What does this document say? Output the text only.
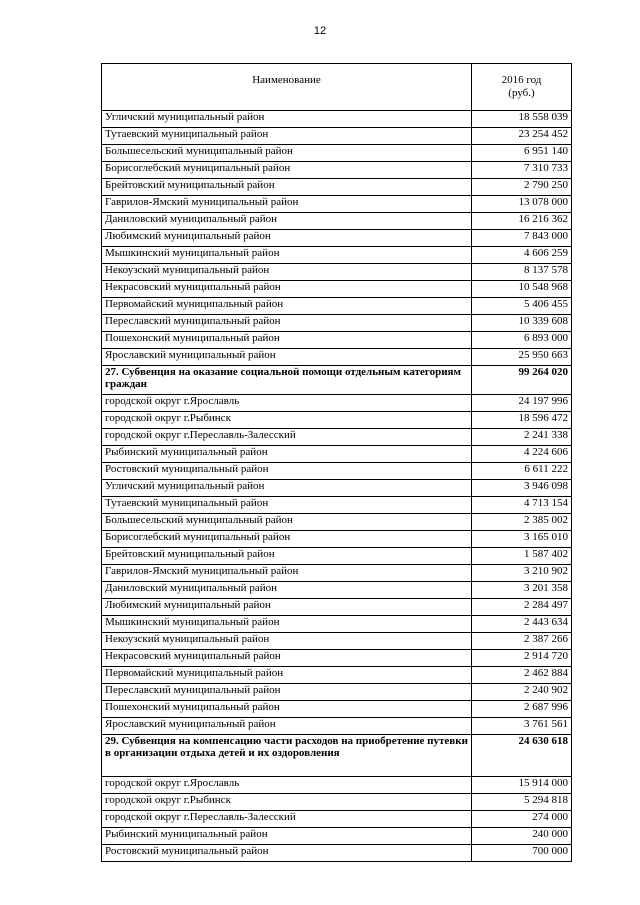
12
Наименование	2016 год
(руб.)

Угличский муниципальный район	18 558 039
Тутаевский муниципальный район	23 254 452
Большесельский муниципальный район	6 951 140
Борисоглебский муниципальный район	7 310 733
Брейтовский муниципальный район	2 790 250
Гаврилов-Ямский муниципальный район	13 078 000
Даниловский муниципальный район	16 216 362
Любимский муниципальный район	7 843 000
Мышкинский муниципальный район	4 606 259
Некоузский муниципальный район	8 137 578
Некрасовский муниципальный район	10 548 968
Первомайский муниципальный район	5 406 455
Переславский муниципальный район	10 339 608
Пошехонский муниципальный район	6 893 000
Ярославский муниципальный район	25 950 663
27. Субвенция на оказание социальной помощи отдельным категориям граждан	99 264 020
городской округ г.Ярославль	24 197 996
городской округ г.Рыбинск	18 596 472
городской округ г.Переславль-Залесский	2 241 338
Рыбинский муниципальный район	4 224 606
Ростовский муниципальный район	6 611 222
Угличский муниципальный район	3 946 098
Тутаевский муниципальный район	4 713 154
Большесельский муниципальный район	2 385 002
Борисоглебский муниципальный район	3 165 010
Брейтовский муниципальный район	1 587 402
Гаврилов-Ямский муниципальный район	3 210 902
Даниловский муниципальный район	3 201 358
Любимский муниципальный район	2 284 497
Мышкинский муниципальный район	2 443 634
Некоузский муниципальный район	2 387 266
Некрасовский муниципальный район	2 914 720
Первомайский муниципальный район	2 462 884
Переславский муниципальный район	2 240 902
Пошехонский муниципальный район	2 687 996
Ярославский муниципальный район	3 761 561
29. Субвенция на компенсацию части расходов на приобретение путевки в организации отдыха детей и их оздоровления	24 630 618
городской округ г.Ярославль	15 914 000
городской округ г.Рыбинск	5 294 818
городской округ г.Переславль-Залесский	274 000
Рыбинский муниципальный район	240 000
Ростовский муниципальный район	700 000
